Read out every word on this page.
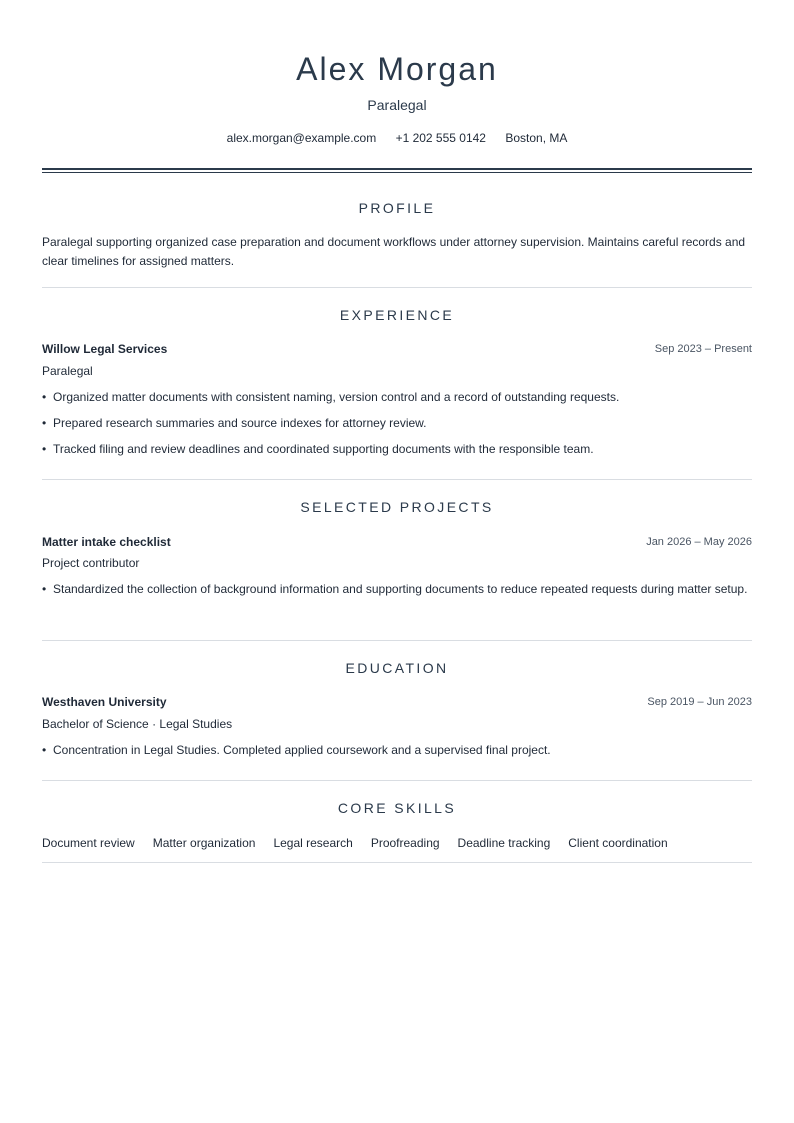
Alex Morgan
Paralegal
alex.morgan@example.com +1 202 555 0142 Boston, MA
PROFILE
Paralegal supporting organized case preparation and document workflows under attorney supervision. Maintains careful records and clear timelines for assigned matters.
EXPERIENCE
Willow Legal Services	Sep 2023 – Present
Paralegal
• Organized matter documents with consistent naming, version control and a record of outstanding requests.
• Prepared research summaries and source indexes for attorney review.
• Tracked filing and review deadlines and coordinated supporting documents with the responsible team.
SELECTED PROJECTS
Matter intake checklist	Jan 2026 – May 2026
Project contributor
• Standardized the collection of background information and supporting documents to reduce repeated requests during matter setup.
EDUCATION
Westhaven University	Sep 2019 – Jun 2023
Bachelor of Science · Legal Studies
• Concentration in Legal Studies. Completed applied coursework and a supervised final project.
CORE SKILLS
Document review Matter organization Legal research Proofreading Deadline tracking Client coordination
